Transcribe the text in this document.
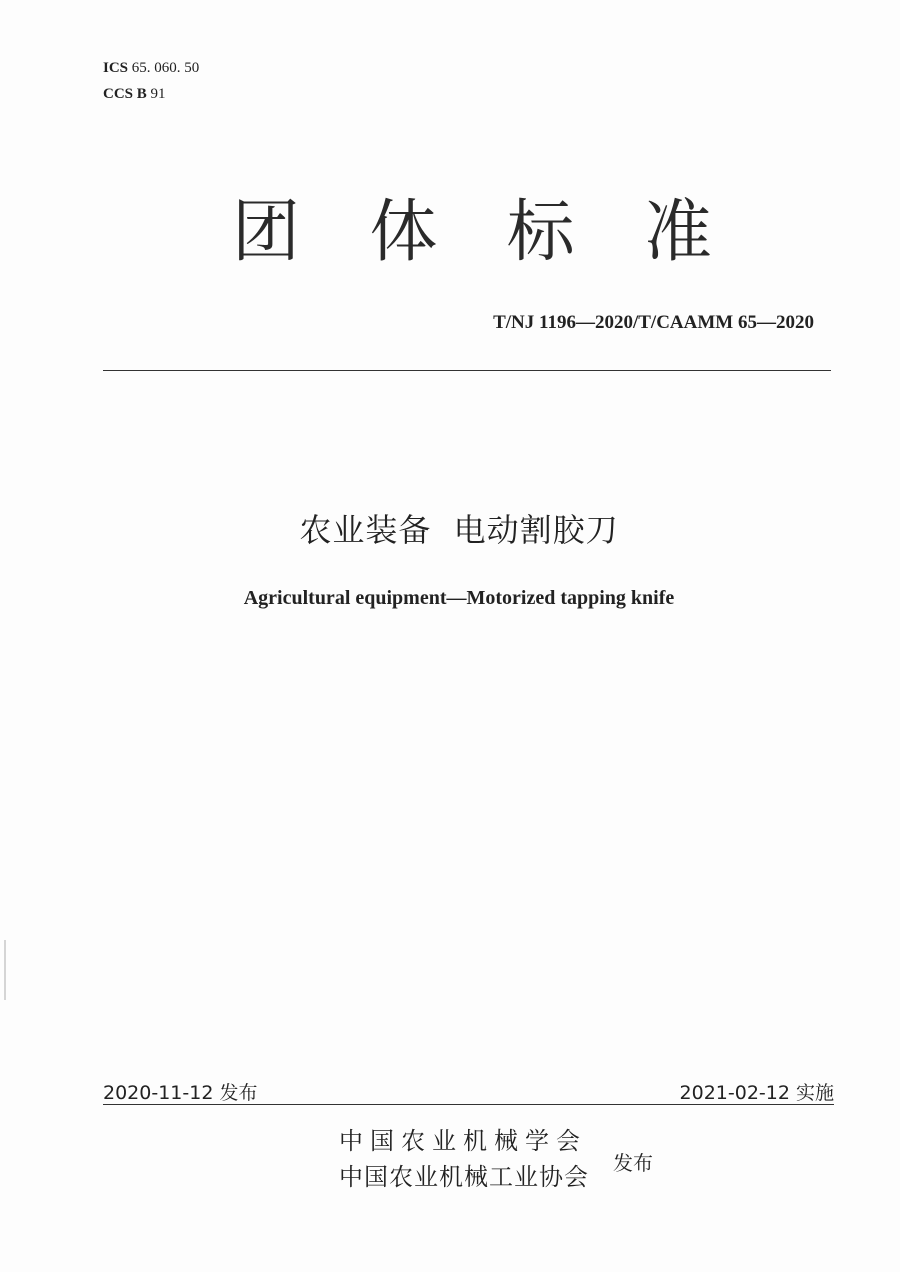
ICS 65. 060. 50
CCS B 91
团 体 标 准
T/NJ 1196—2020/T/CAAMM 65—2020
农业装备  电动割胶刀
Agricultural equipment—Motorized tapping knife
2020-11-12 发布	2021-02-12 实施
中国农业机械学会
中国农业机械工业协会 发布
